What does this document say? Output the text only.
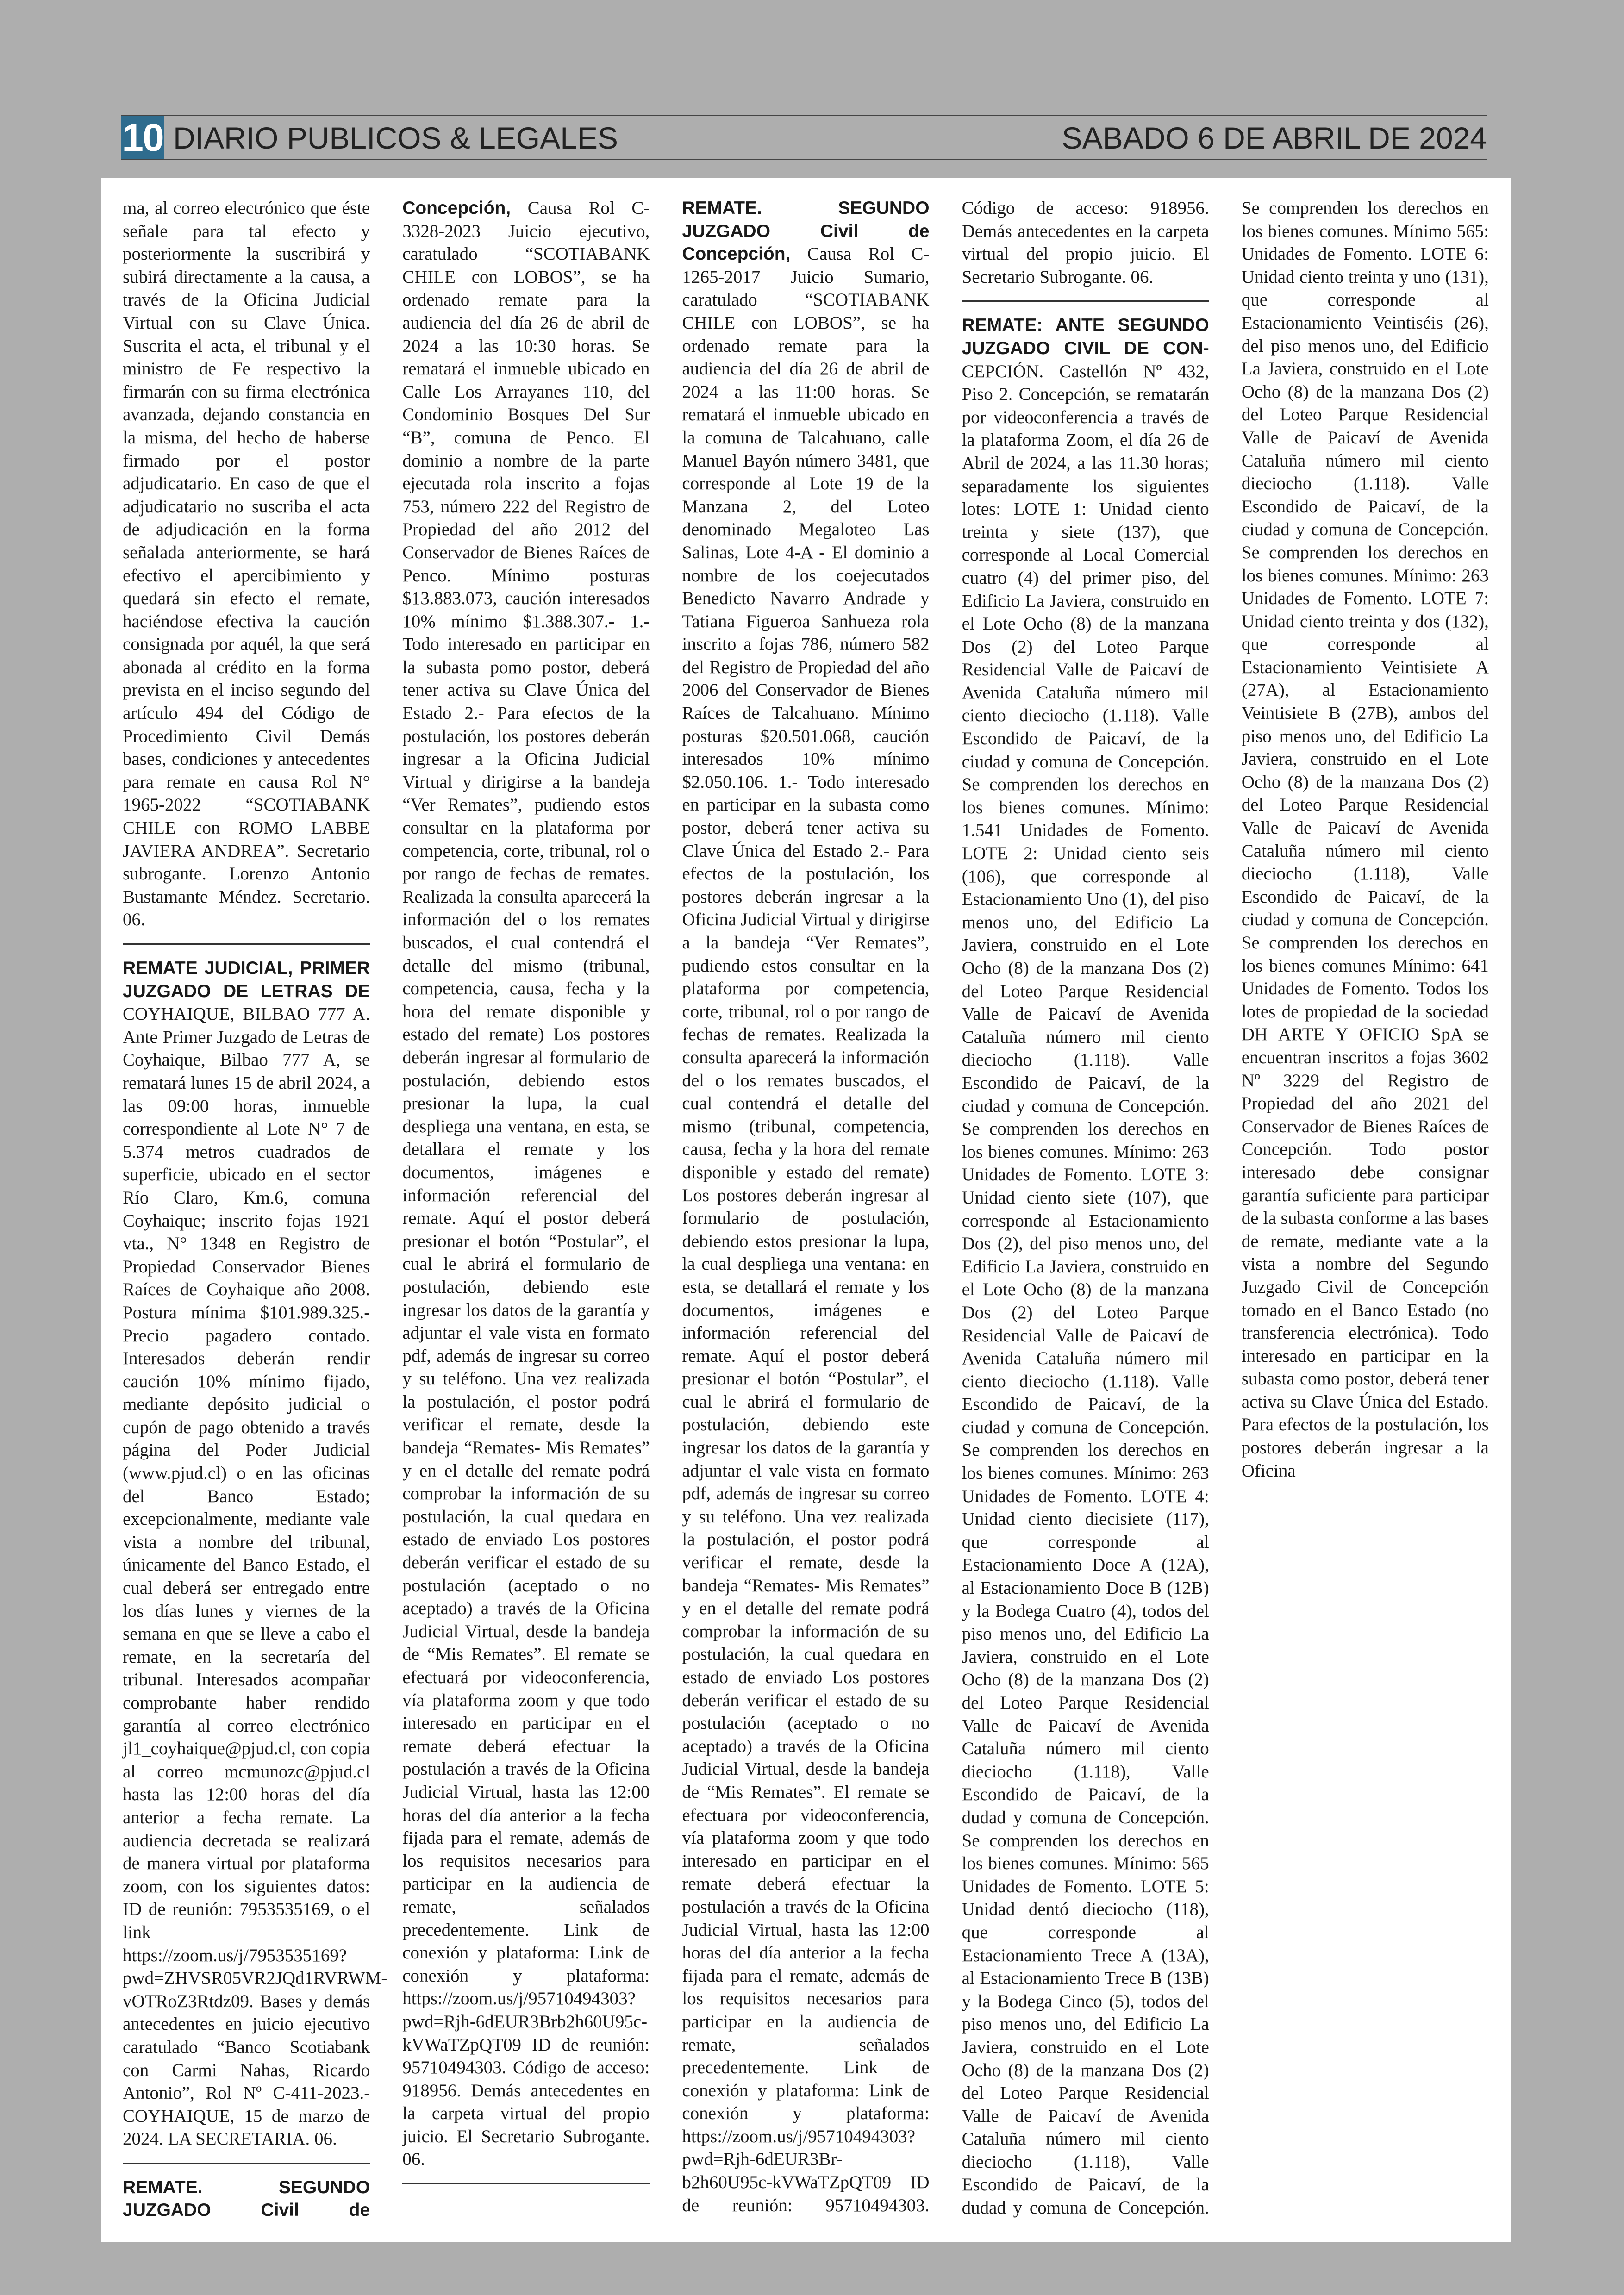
10 DIARIO PUBLICOS & LEGALES	SABADO 6 DE ABRIL DE 2024

ma, al correo electrónico que éste señale para tal efecto y posteriormente la suscribirá y subirá directamente a la causa, a través de la Oficina Judicial Virtual con su Clave Única. Suscrita el acta, el tribunal y el ministro de Fe respectivo la firmarán con su firma electrónica avanzada, dejando constancia en la misma, del hecho de haberse firmado por el postor adjudicatario. En caso de que el adjudicatario no suscriba el acta de adjudicación en la forma señalada anteriormente, se hará efectivo el apercibimiento y quedará sin efecto el remate, haciéndose efectiva la caución consignada por aquél, la que será abonada al crédito en la forma prevista en el inciso segundo del artículo 494 del Código de Procedimiento Civil Demás bases, condiciones y antecedentes para remate en causa Rol N° 1965-2022 “SCOTIABANK CHILE con ROMO LABBE JAVIERA ANDREA”. Secretario subrogante. Lorenzo Antonio Bustamante Méndez. Secretario. 06.

REMATE JUDICIAL, PRIMER JUZGADO DE LETRAS DE COYHAIQUE, BILBAO 777 A. Ante Primer Juzgado de Letras de Coyhaique, Bilbao 777 A, se rematará lunes 15 de abril 2024, a las 09:00 horas, inmueble correspondiente al Lote N° 7 de 5.374 metros cuadrados de superficie, ubicado en el sector Río Claro, Km.6, comuna Coyhaique; inscrito fojas 1921 vta., N° 1348 en Registro de Propiedad Conservador Bienes Raíces de Coyhaique año 2008. Postura mínima $101.989.325.- Precio pagadero contado. Interesados deberán rendir caución 10% mínimo fijado, mediante depósito judicial o cupón de pago obtenido a través página del Poder Judicial (www.pjud.cl) o en las oficinas del Banco Estado; excepcionalmente, mediante vale vista a nombre del tribunal, únicamente del Banco Estado, el cual deberá ser entregado entre los días lunes y viernes de la semana en que se lleve a cabo el remate, en la secretaría del tribunal. Interesados acompañar comprobante haber rendido garantía al correo electrónico jl1_coyhaique@pjud.cl, con copia al correo mcmunozc@pjud.cl hasta las 12:00 horas del día anterior a fecha remate. La audiencia decretada se realizará de manera virtual por plataforma zoom, con los siguientes datos: ID de reunión: 7953535169, o el link https://zoom.us/j/7953535169?pwd=ZHVSR05VR2JQd1RVRWM-vOTRoZ3Rtdz09. Bases y demás antecedentes en juicio ejecutivo caratulado “Banco Scotiabank con Carmi Nahas, Ricardo Antonio”, Rol Nº C-411-2023.- COYHAIQUE, 15 de marzo de 2024. LA SECRETARIA. 06.

REMATE. SEGUNDO JUZGADO Civil de Concepción, Causa Rol C-3328-2023 Juicio ejecutivo, caratulado “SCOTIABANK CHILE con LOBOS”, se ha ordenado remate para la audiencia del día 26 de abril de 2024 a las 10:30 horas. Se rematará el inmueble ubicado en Calle Los Arrayanes 110, del Condominio Bosques Del Sur “B”, comuna de Penco. El dominio a nombre de la parte ejecutada rola inscrito a fojas 753, número 222 del Registro de Propiedad del año 2012 del Conservador de Bienes Raíces de Penco. Mínimo posturas $13.883.073, caución interesados 10% mínimo $1.388.307.- 1.- Todo interesado en participar en la subasta pomo postor, deberá tener activa su Clave Única del Estado 2.- Para efectos de la postulación, los postores deberán ingresar a la Oficina Judicial Virtual y dirigirse a la bandeja “Ver Remates”, pudiendo estos consultar en la plataforma por competencia, corte, tribunal, rol o por rango de fechas de remates. Realizada la consulta aparecerá la información del o los remates buscados, el cual contendrá el detalle del mismo (tribunal, competencia, causa, fecha y la hora del remate disponible y estado del remate) Los postores deberán ingresar al formulario de postulación, debiendo estos presionar la lupa, la cual despliega una ventana, en esta, se detallara el remate y los documentos, imágenes e información referencial del remate. Aquí el postor deberá presionar el botón “Postular”, el cual le abrirá el formulario de postulación, debiendo este ingresar los datos de la garantía y adjuntar el vale vista en formato pdf, además de ingresar su correo y su teléfono. Una vez realizada la postulación, el postor podrá verificar el remate, desde la bandeja “Remates- Mis Remates” y en el detalle del remate podrá comprobar la información de su postulación, la cual quedara en estado de enviado Los postores deberán verificar el estado de su postulación (aceptado o no aceptado) a través de la Oficina Judicial Virtual, desde la bandeja de “Mis Remates”. El remate se efectuará por videoconferencia, vía plataforma zoom y que todo interesado en participar en el remate deberá efectuar la postulación a través de la Oficina Judicial Virtual, hasta las 12:00 horas del día anterior a la fecha fijada para el remate, además de los requisitos necesarios para participar en la audiencia de remate, señalados precedentemente. Link de conexión y plataforma: Link de conexión y plataforma: https://zoom.us/j/95710494303?pwd=Rjh-6dEUR3Brb2h60U95c-kVWaTZpQT09 ID de reunión: 95710494303. Código de acceso: 918956. Demás antecedentes en la carpeta virtual del propio juicio. El Secretario Subrogante. 06.

REMATE. SEGUNDO JUZGADO Civil de Concepción, Causa Rol C-1265-2017 Juicio Sumario, caratulado “SCOTIABANK CHILE con LOBOS”, se ha ordenado remate para la audiencia del día 26 de abril de 2024 a las 11:00 horas. Se rematará el inmueble ubicado en la comuna de Talcahuano, calle Manuel Bayón número 3481, que corresponde al Lote 19 de la Manzana 2, del Loteo denominado Megaloteo Las Salinas, Lote 4-A - El dominio a nombre de los coejecutados Benedicto Navarro Andrade y Tatiana Figueroa Sanhueza rola inscrito a fojas 786, número 582 del Registro de Propiedad del año 2006 del Conservador de Bienes Raíces de Talcahuano. Mínimo posturas $20.501.068, caución interesados 10% mínimo $2.050.106. 1.- Todo interesado en participar en la subasta como postor, deberá tener activa su Clave Única del Estado 2.- Para efectos de la postulación, los postores deberán ingresar a la Oficina Judicial Virtual y dirigirse a la bandeja “Ver Remates”, pudiendo estos consultar en la plataforma por competencia, corte, tribunal, rol o por rango de fechas de remates. Realizada la consulta aparecerá la información del o los remates buscados, el cual contendrá el detalle del mismo (tribunal, competencia, causa, fecha y la hora del remate disponible y estado del remate) Los postores deberán ingresar al formulario de postulación, debiendo estos presionar la lupa, la cual despliega una ventana: en esta, se detallará el remate y los documentos, imágenes e información referencial del remate. Aquí el postor deberá presionar el botón “Postular”, el cual le abrirá el formulario de postulación, debiendo este ingresar los datos de la garantía y adjuntar el vale vista en formato pdf, además de ingresar su correo y su teléfono. Una vez realizada la postulación, el postor podrá verificar el remate, desde la bandeja “Remates- Mis Remates” y en el detalle del remate podrá comprobar la información de su postulación, la cual quedara en estado de enviado Los postores deberán verificar el estado de su postulación (aceptado o no aceptado) a través de la Oficina Judicial Virtual, desde la bandeja de “Mis Remates”. El remate se efectuara por videoconferencia, vía plataforma zoom y que todo interesado en participar en el remate deberá efectuar la postulación a través de la Oficina Judicial Virtual, hasta las 12:00 horas del día anterior a la fecha fijada para el remate, además de los requisitos necesarios para participar en la audiencia de remate, señalados precedentemente. Link de conexión y plataforma: Link de conexión y plataforma: https://zoom.us/j/95710494303?pwd=Rjh-6dEUR3Br-b2h60U95c-kVWaTZpQT09 ID de reunión: 95710494303. Código de acceso: 918956. Demás antecedentes en la carpeta virtual del propio juicio. El Secretario Subrogante. 06.

REMATE: ANTE SEGUNDO JUZGADO CIVIL DE CON-CEPCIÓN. Castellón Nº 432, Piso 2. Concepción, se rematarán por videoconferencia a través de la plataforma Zoom, el día 26 de Abril de 2024, a las 11.30 horas; separadamente los siguientes lotes: LOTE 1: Unidad ciento treinta y siete (137), que corresponde al Local Comercial cuatro (4) del primer piso, del Edificio La Javiera, construido en el Lote Ocho (8) de la manzana Dos (2) del Loteo Parque Residencial Valle de Paicaví de Avenida Cataluña número mil ciento dieciocho (1.118). Valle Escondido de Paicaví, de la ciudad y comuna de Concepción. Se comprenden los derechos en los bienes comunes. Mínimo: 1.541 Unidades de Fomento. LOTE 2: Unidad ciento seis (106), que corresponde al Estacionamiento Uno (1), del piso menos uno, del Edificio La Javiera, construido en el Lote Ocho (8) de la manzana Dos (2) del Loteo Parque Residencial Valle de Paicaví de Avenida Cataluña número mil ciento dieciocho (1.118). Valle Escondido de Paicaví, de la ciudad y comuna de Concepción. Se comprenden los derechos en los bienes comunes. Mínimo: 263 Unidades de Fomento. LOTE 3: Unidad ciento siete (107), que corresponde al Estacionamiento Dos (2), del piso menos uno, del Edificio La Javiera, construido en el Lote Ocho (8) de la manzana Dos (2) del Loteo Parque Residencial Valle de Paicaví de Avenida Cataluña número mil ciento dieciocho (1.118). Valle Escondido de Paicaví, de la ciudad y comuna de Concepción. Se comprenden los derechos en los bienes comunes. Mínimo: 263 Unidades de Fomento. LOTE 4: Unidad ciento diecisiete (117), que corresponde al Estacionamiento Doce A (12A), al Estacionamiento Doce B (12B) y la Bodega Cuatro (4), todos del piso menos uno, del Edificio La Javiera, construido en el Lote Ocho (8) de la manzana Dos (2) del Loteo Parque Residencial Valle de Paicaví de Avenida Cataluña número mil ciento dieciocho (1.118), Valle Escondido de Paicaví, de la dudad y comuna de Concepción. Se comprenden los derechos en los bienes comunes. Mínimo: 565 Unidades de Fomento. LOTE 5: Unidad dentó dieciocho (118), que corresponde al Estacionamiento Trece A (13A), al Estacionamiento Trece B (13B) y la Bodega Cinco (5), todos del piso menos uno, del Edificio La Javiera, construido en el Lote Ocho (8) de la manzana Dos (2) del Loteo Parque Residencial Valle de Paicaví de Avenida Cataluña número mil ciento dieciocho (1.118), Valle Escondido de Paicaví, de la dudad y comuna de Concepción. Se comprenden los derechos en los bienes comunes. Mínimo 565: Unidades de Fomento. LOTE 6: Unidad ciento treinta y uno (131), que corresponde al Estacionamiento Veintiséis (26), del piso menos uno, del Edificio La Javiera, construido en el Lote Ocho (8) de la manzana Dos (2) del Loteo Parque Residencial Valle de Paicaví de Avenida Cataluña número mil ciento dieciocho (1.118). Valle Escondido de Paicaví, de la ciudad y comuna de Concepción. Se comprenden los derechos en los bienes comunes. Mínimo: 263 Unidades de Fomento. LOTE 7: Unidad ciento treinta y dos (132), que corresponde al Estacionamiento Veintisiete A (27A), al Estacionamiento Veintisiete B (27B), ambos del piso menos uno, del Edificio La Javiera, construido en el Lote Ocho (8) de la manzana Dos (2) del Loteo Parque Residencial Valle de Paicaví de Avenida Cataluña número mil ciento dieciocho (1.118), Valle Escondido de Paicaví, de la ciudad y comuna de Concepción. Se comprenden los derechos en los bienes comunes Mínimo: 641 Unidades de Fomento. Todos los lotes de propiedad de la sociedad DH ARTE Y OFICIO SpA se encuentran inscritos a fojas 3602 Nº 3229 del Registro de Propiedad del año 2021 del Conservador de Bienes Raíces de Concepción. Todo postor interesado debe consignar garantía suficiente para participar de la subasta conforme a las bases de remate, mediante vate a la vista a nombre del Segundo Juzgado Civil de Concepción tomado en el Banco Estado (no transferencia electrónica). Todo interesado en participar en la subasta como postor, deberá tener activa su Clave Única del Estado. Para efectos de la postulación, los postores deberán ingresar a la Oficina
